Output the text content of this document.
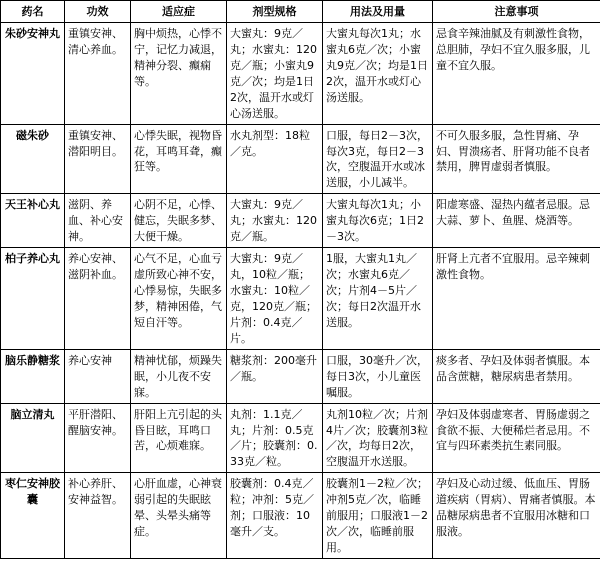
药名	功效	适应症	剂型规格	用法及用量	注意事项
朱砂安神丸	重镇安神、清心养血。	胸中烦热，心悸不宁，记忆力减退，精神分裂、癫痫等。	大蜜丸：9克／丸；水蜜丸：120克／瓶；小蜜丸9克／次；均是1日2次，温开水或灯心汤送服。	大蜜丸每次1丸；水蜜丸6克／次；小蜜丸9克／次；均是1日2次，温开水或灯心汤送服。	忌食辛辣油腻及有刺激性食物，总胆肺，孕妇不宜久服多服，儿童不宜久服。
磁朱砂	重镇安神、潜阳明目。	心悸失眠，视物昏花，耳鸣耳聋，癫狂等。	水丸剂型：18粒／克。	口服，每日2－3次，每次3克，每日2－3次，空腹温开水或冰送服，小儿减半。	不可久服多服，急性胃痛、孕妇、胃溃疡者、肝肾功能不良者禁用，脾胃虚弱者慎服。
天王补心丸	滋阴、养血、补心安神。	心阴不足，心悸、健忘，失眠多梦、大便干燥。	大蜜丸：9克／丸；水蜜丸：120克／瓶。	大蜜丸每次1丸；小蜜丸每次6克；1日2－3次。	阳虚寒盛、湿热内蕴者忌服。忌大蒜、萝卜、鱼腥、烧酒等。
柏子养心丸	养心安神、滋阴补血。	心气不足，心血亏虚所致心神不安，心悸易惊，失眠多梦，精神困倦，气短自汗等。	大蜜丸：9克／丸，10粒／瓶；水蜜丸：10粒／克，120克／瓶；片剂：0.4克／片。	1服，大蜜丸1丸／次；水蜜丸6克／次；片剂4－5片／次；每日2次温开水送服。	肝肾上亢者不宜服用。忌辛辣刺激性食物。
脑乐静糖浆	养心安神	精神忧郁，烦躁失眠，小儿夜不安寐。	糖浆剂：200毫升／瓶。	口服，30毫升／次，每日3次，小儿童医嘱服。	痰多者、孕妇及体弱者慎服。本品含蔗糖，糖尿病患者禁用。
脑立清丸	平肝潜阳、醒脑安神。	肝阳上亢引起的头昏目眩，耳鸣口苦，心烦难寐。	丸剂：1.1克／丸；片剂：0.5克／片；胶囊剂：0.33克／粒。	丸剂10粒／次；片剂4片／次；胶囊剂3粒／次，均每日2次，空腹温开水送服。	孕妇及体弱虚寒者、胃肠虚弱之食欲不振、大便稀烂者忌用。不宜与四环素类抗生素同服。
枣仁安神胶囊	补心养肝、安神益智。	心肝血虚，心神衰弱引起的失眠眩晕、头晕头痛等症。	胶囊剂：0.4克／粒；冲剂：5克／剂；口服液：10毫升／支。	胶囊剂1－2粒／次；冲剂5克／次，临睡前服用；口服液1－2次／次，临睡前服用。	孕妇及心动过缓、低血压、胃肠道疾病（胃病）、胃痛者慎服。本品糖尿病患者不宜服用冰糖和口服液。
